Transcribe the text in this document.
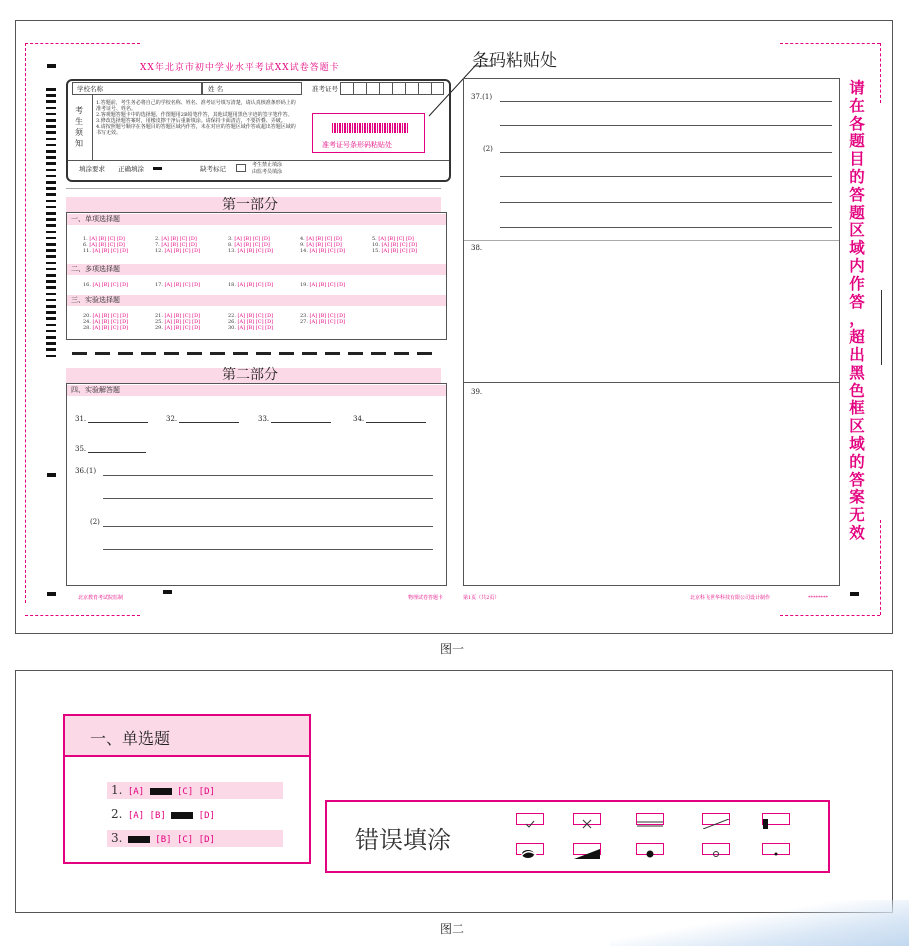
XX年北京市初中学业水平考试XX试卷答题卡	条码粘贴处
学校名称	姓 名	准考证号
考生须知
1.答题前，考生务必将自己的学校名称、姓名、准考证号填写清楚，请认真核准条形码上的准考证号、姓名。
2.客观题答题卡中的选择题，作图题用2B铅笔作答，其他试题用黑色字迹的签字笔作答。
3.修改选择题答案时，用橡皮擦干净后重新填涂。请保持卡面清洁，不要折叠、弄破。
4.请按照题号顺序在各题目的答题区域内作答，未在对应的答题区域作答或超出答题区域的书写无效。
准考证号条形码粘贴处
填涂要求 正确填涂	缺考标记	考生禁止填涂
由监考员填涂
第一部分
一、单项选择题
1. [A] [B] [C] [D]	2. [A] [B] [C] [D]	3. [A] [B] [C] [D]	4. [A] [B] [C] [D]	5. [A] [B] [C] [D]
6. [A] [B] [C] [D]	7. [A] [B] [C] [D]	8. [A] [B] [C] [D]	9. [A] [B] [C] [D]	10. [A] [B] [C] [D]
11. [A] [B] [C] [D]	12. [A] [B] [C] [D]	13. [A] [B] [C] [D]	14. [A] [B] [C] [D]	15. [A] [B] [C] [D]
二、多项选择题
16. [A] [B] [C] [D]	17. [A] [B] [C] [D]	18. [A] [B] [C] [D]	19. [A] [B] [C] [D]
三、实验选择题
20. [A] [B] [C] [D]	21. [A] [B] [C] [D]	22. [A] [B] [C] [D]	23. [A] [B] [C] [D]
24. [A] [B] [C] [D]	25. [A] [B] [C] [D]	26. [A] [B] [C] [D]	27. [A] [B] [C] [D]
28. [A] [B] [C] [D]	29. [A] [B] [C] [D]	30. [A] [B] [C] [D]
第二部分
四、实验解答题
31.	32.	33.	34.
35.
36.(1)
(2)
37.(1)
(2)
38.
39.
请
在
各
题
目
的
答
题
区
域
内
作
答
，
超
出
黑
色
框
区
域
的
答
案
无
效
北京教育考试院监制	物理试卷答题卡	第1页（共2页）	北京科飞世华科技有限公司设计制作	********
图一
一、单选题
1. [A]	[C] [D]
2. [A] [B]	[D]
3.	[B] [C] [D]	错误填涂
图二
